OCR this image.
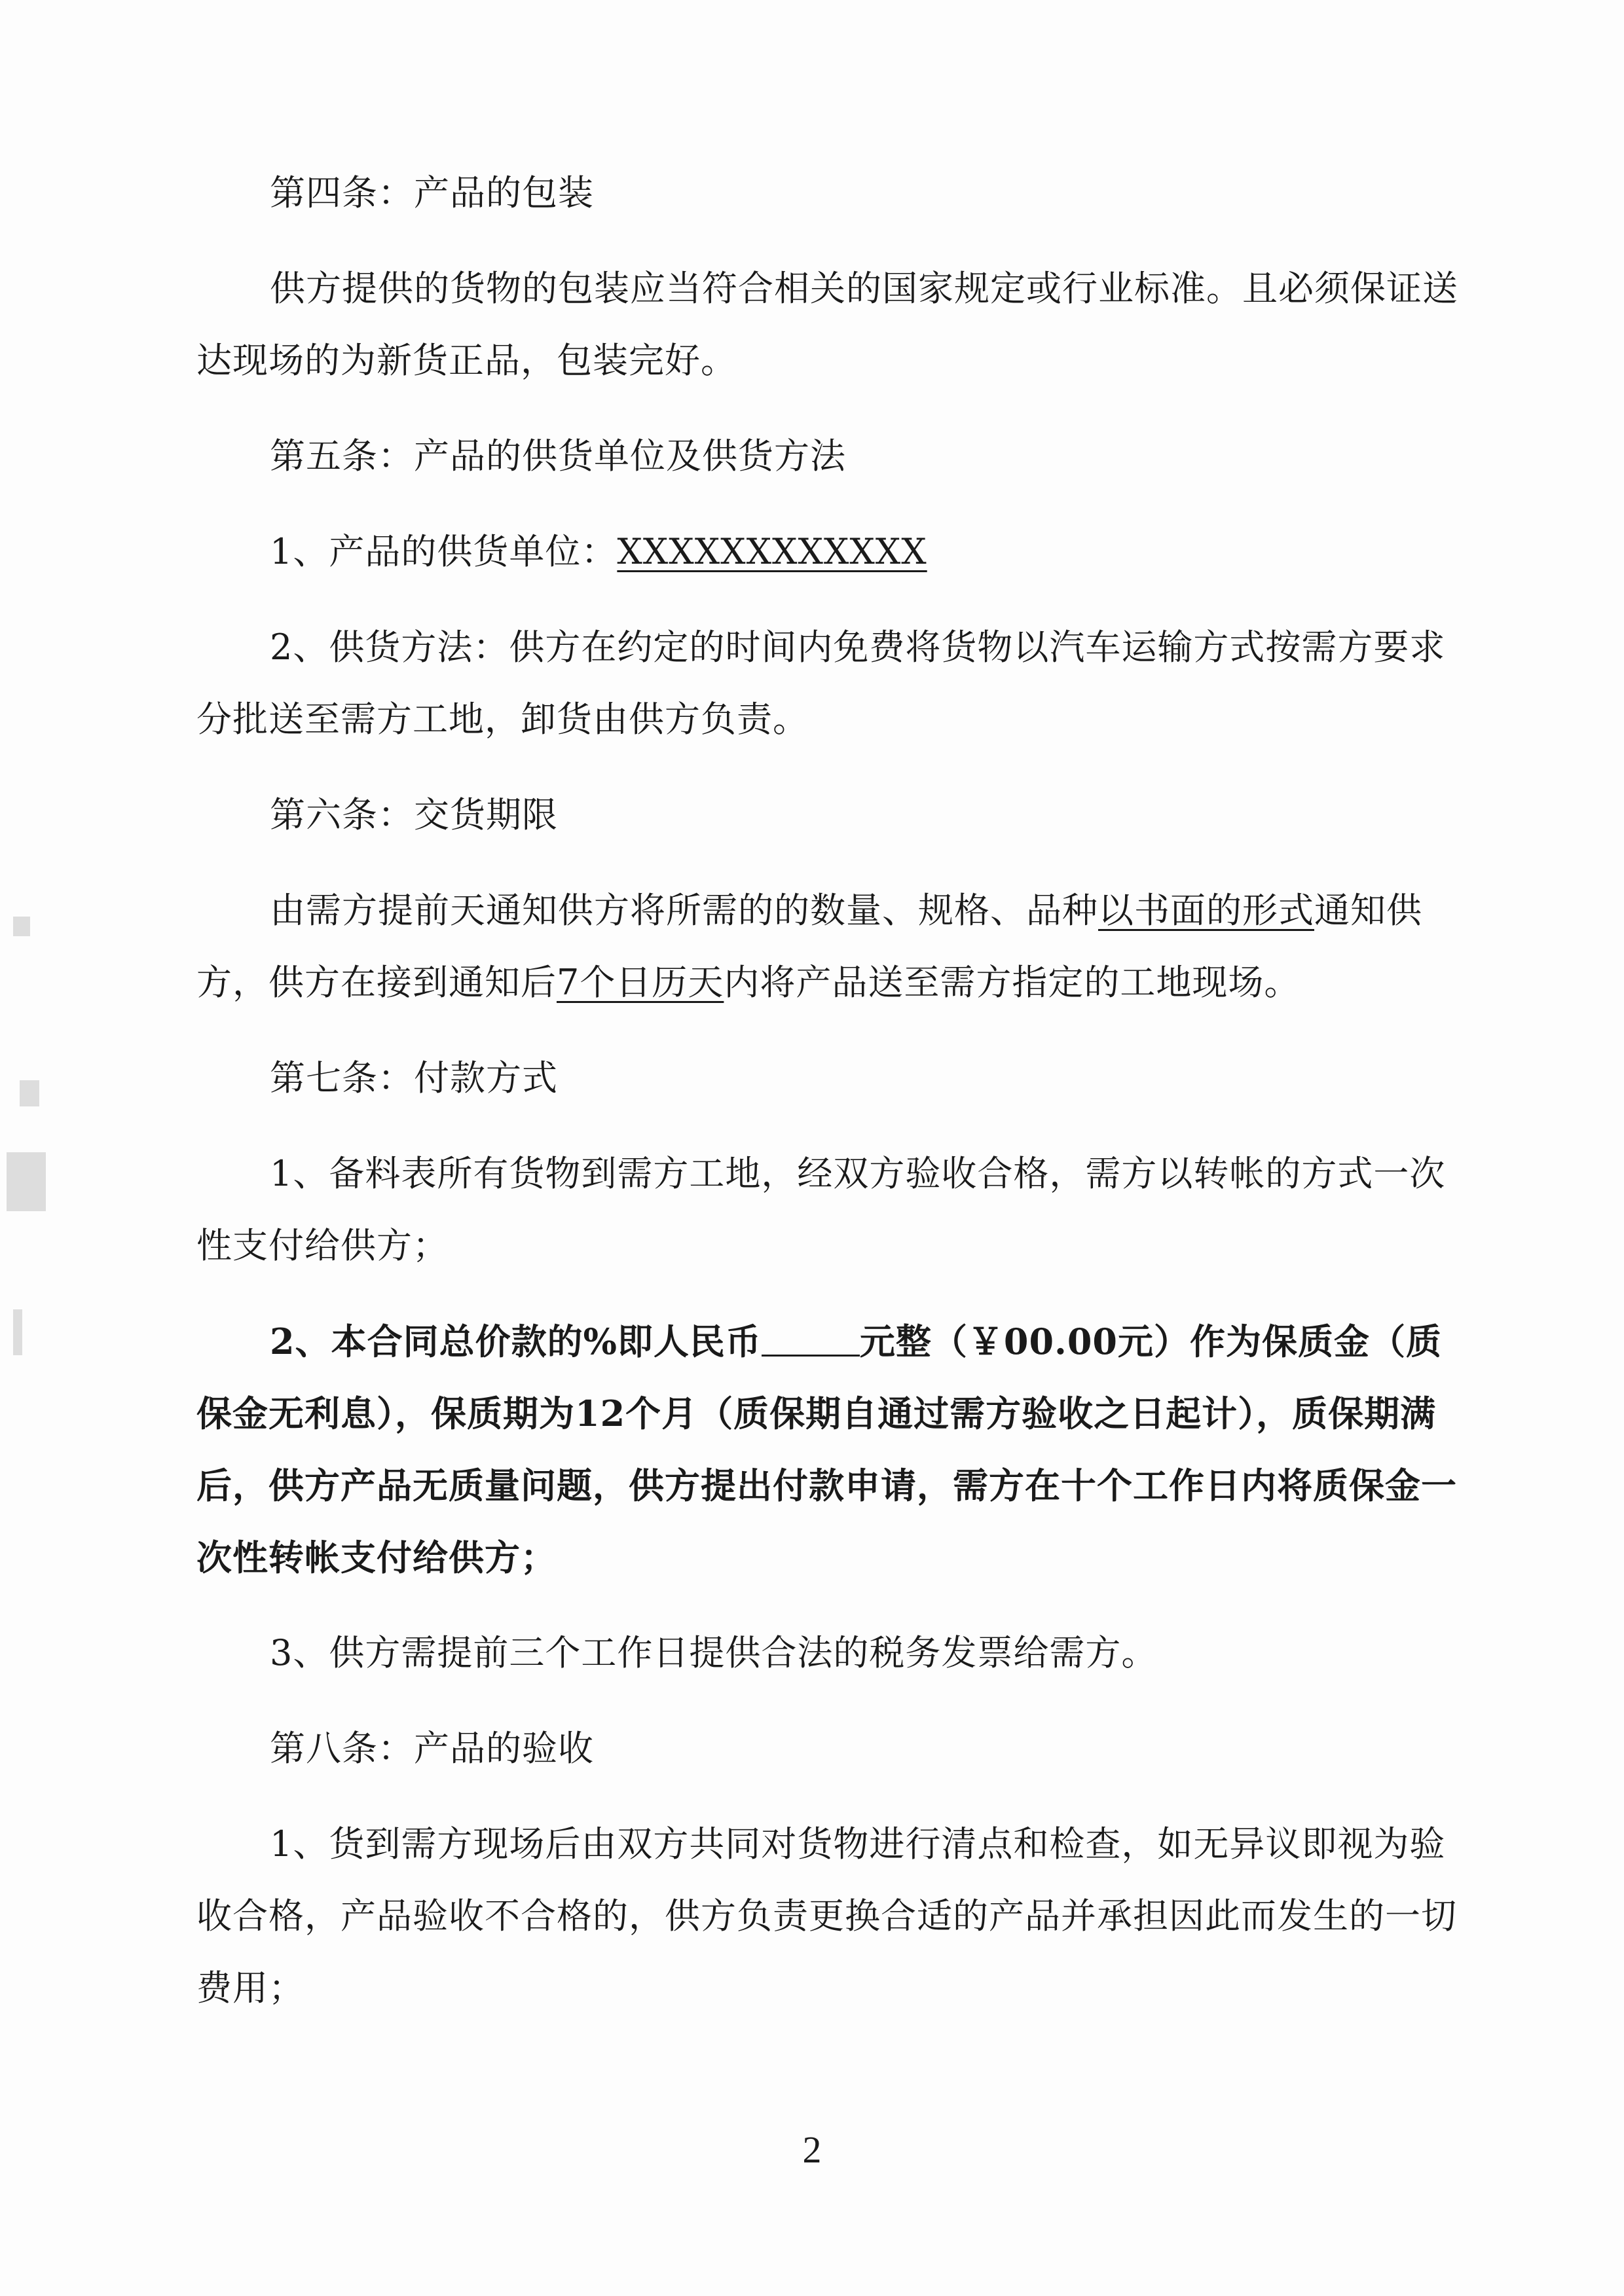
第四条：产品的包装

供方提供的货物的包装应当符合相关的国家规定或行业标准。且必须保证送达现场的为新货正品，包装完好。

第五条：产品的供货单位及供货方法

1、产品的供货单位：XXXXXXXXXXXX

2、供货方法：供方在约定的时间内免费将货物以汽车运输方式按需方要求分批送至需方工地，卸货由供方负责。

第六条：交货期限

由需方提前天通知供方将所需的的数量、规格、品种以书面的形式通知供方，供方在接到通知后7个日历天内将产品送至需方指定的工地现场。

第七条：付款方式

1、备料表所有货物到需方工地，经双方验收合格，需方以转帐的方式一次性支付给供方；

2、本合同总价款的%即人民币	元整（￥00.00元）作为保质金（质保金无利息），保质期为12个月（质保期自通过需方验收之日起计），质保期满后，供方产品无质量问题，供方提出付款申请，需方在十个工作日内将质保金一次性转帐支付给供方；

3、供方需提前三个工作日提供合法的税务发票给需方。

第八条：产品的验收

1、货到需方现场后由双方共同对货物进行清点和检查，如无异议即视为验收合格，产品验收不合格的，供方负责更换合适的产品并承担因此而发生的一切费用；

2
